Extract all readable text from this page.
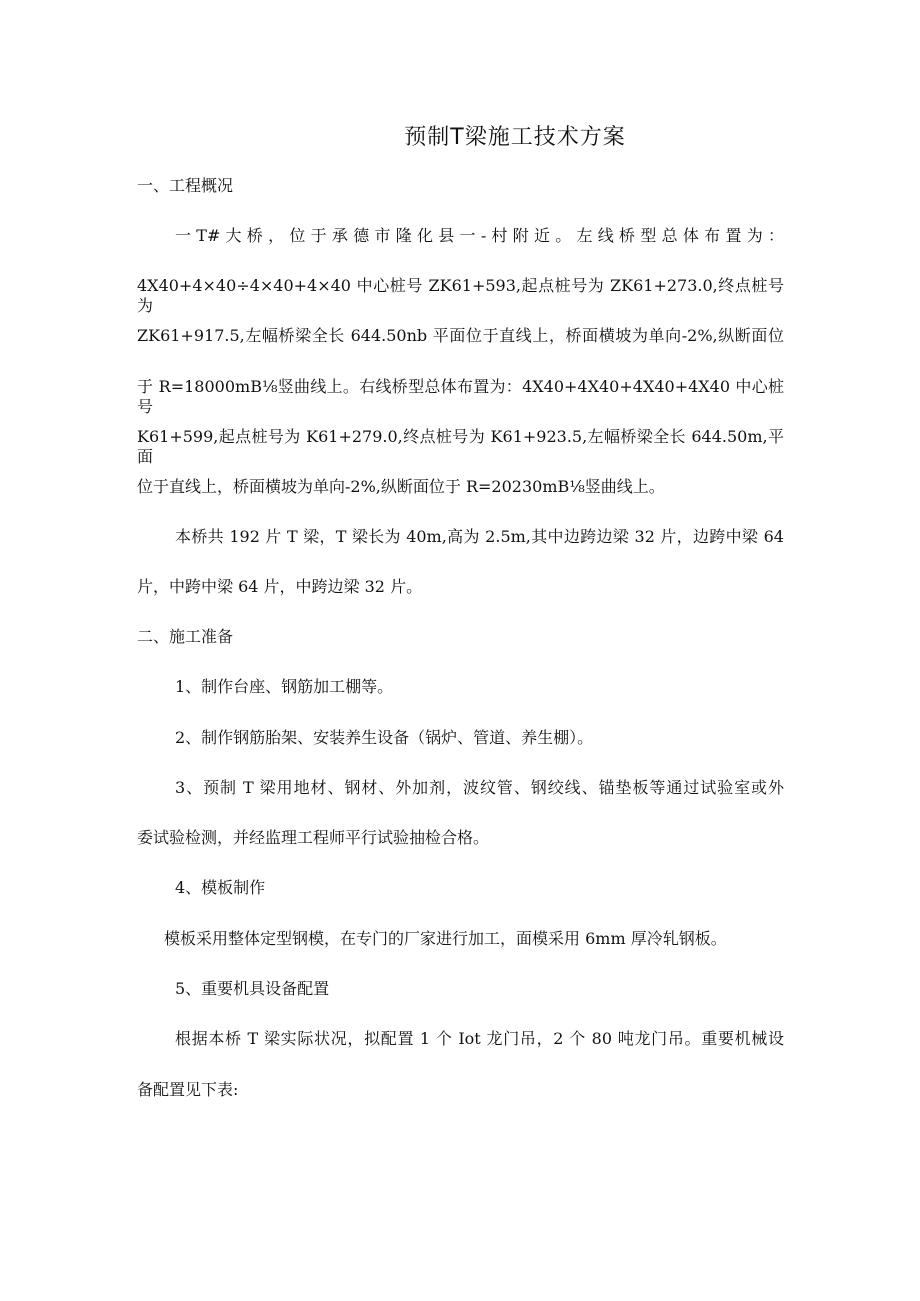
预制T梁施工技术方案

一、工程概况

一 T# 大 桥 ， 位 于 承 德 市 隆 化 县 一 - 村 附 近 。 左 线 桥 型 总 体 布 置 为 ：

4X40+4×40÷4×40+4×40 中心桩号 ZK61+593,起点桩号为 ZK61+273.0,终点桩号为

ZK61+917.5,左幅桥梁全长 644.50nb 平面位于直线上，桥面横坡为单向-2%,纵断面位

于 R=18000mB⅛竖曲线上。右线桥型总体布置为：4X40+4X40+4X40+4X40 中心桩号

K61+599,起点桩号为 K61+279.0,终点桩号为 K61+923.5,左幅桥梁全长 644.50m,平面

位于直线上，桥面横坡为单向-2%,纵断面位于 R=20230mB⅛竖曲线上。

本桥共 192 片 T 梁，T 梁长为 40m,高为 2.5m,其中边跨边梁 32 片，边跨中梁 64

片，中跨中梁 64 片，中跨边梁 32 片。

二、施工准备

1、制作台座、钢筋加工棚等。

2、制作钢筋胎架、安装养生设备（锅炉、管道、养生棚）。

3、预制 T 梁用地材、钢材、外加剂，波纹管、钢绞线、锚垫板等通过试验室或外

委试验检测，并经监理工程师平行试验抽检合格。

4、模板制作

模板采用整体定型钢模，在专门的厂家进行加工，面模采用 6mm 厚冷轧钢板。

5、重要机具设备配置

根据本桥 T 梁实际状况，拟配置 1 个 Iot 龙门吊，2 个 80 吨龙门吊。重要机械设

备配置见下表:
